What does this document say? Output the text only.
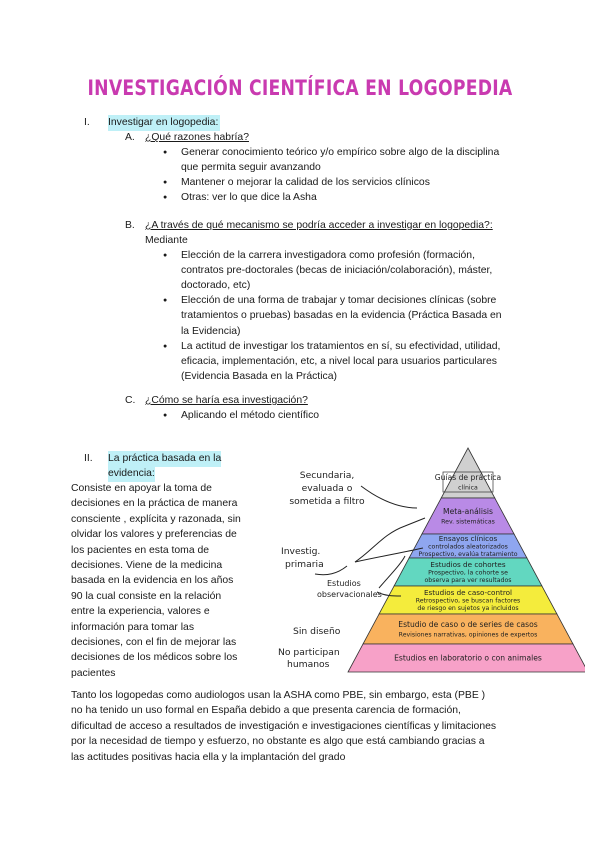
INVESTIGACIÓN CIENTÍFICA EN LOGOPEDIA
I. Investigar en logopedia:
A. ¿Qué razones habría?
● Generar conocimiento teórico y/o empírico sobre algo de la disciplina
que permita seguir avanzando
● Mantener o mejorar la calidad de los servicios clínicos
● Otras: ver lo que dice la Asha
B. ¿A través de qué mecanismo se podría acceder a investigar en logopedia?:
Mediante
● Elección de la carrera investigadora como profesión (formación,
contratos pre-doctorales (becas de iniciación/colaboración), máster,
doctorado, etc)
● Elección de una forma de trabajar y tomar decisiones clínicas (sobre
tratamientos o pruebas) basadas en la evidencia (Práctica Basada en
la Evidencia)
● La actitud de investigar los tratamientos en sí, su efectividad, utilidad,
eficacia, implementación, etc, a nivel local para usuarios particulares
(Evidencia Basada en la Práctica)
C. ¿Cómo se haría esa investigación?
● Aplicando el método científico
II. La práctica basada en la
evidencia:
Consiste en apoyar la toma de
decisiones en la práctica de manera
consciente , explícita y razonada, sin
olvidar los valores y preferencias de
los pacientes en esta toma de
decisiones. Viene de la medicina
basada en la evidencia en los años
90 la cual consiste en la relación
entre la experiencia, valores e
información para tomar las
decisiones, con el fin de mejorar las
decisiones de los médicos sobre los
pacientes
Guías de práctica
clínica
Meta-análisis
Rev. sistemáticas
Ensayos clínicos
controlados aleatorizados
Prospectivo, evalúa tratamiento
Estudios de cohortes
Prospectivo, la cohorte se
observa para ver resultados
Estudios de caso-control
Retrospectivo, se buscan factores
de riesgo en sujetos ya incluidos
Estudio de caso o de series de casos
Revisiones narrativas, opiniones de expertos
Estudios en laboratorio o con animales
Secundaria,
evaluada o
sometida a filtro
Investig.
primaria
Estudios
observacionales
Sin diseño
No participan
humanos
Tanto los logopedas como audiologos usan la ASHA como PBE, sin embargo, esta (PBE )
no ha tenido un uso formal en España debido a que presenta carencia de formación,
dificultad de acceso a resultados de investigación e investigaciones científicas y limitaciones
por la necesidad de tiempo y esfuerzo, no obstante es algo que está cambiando gracias a
las actitudes positivas hacia ella y la implantación del grado
